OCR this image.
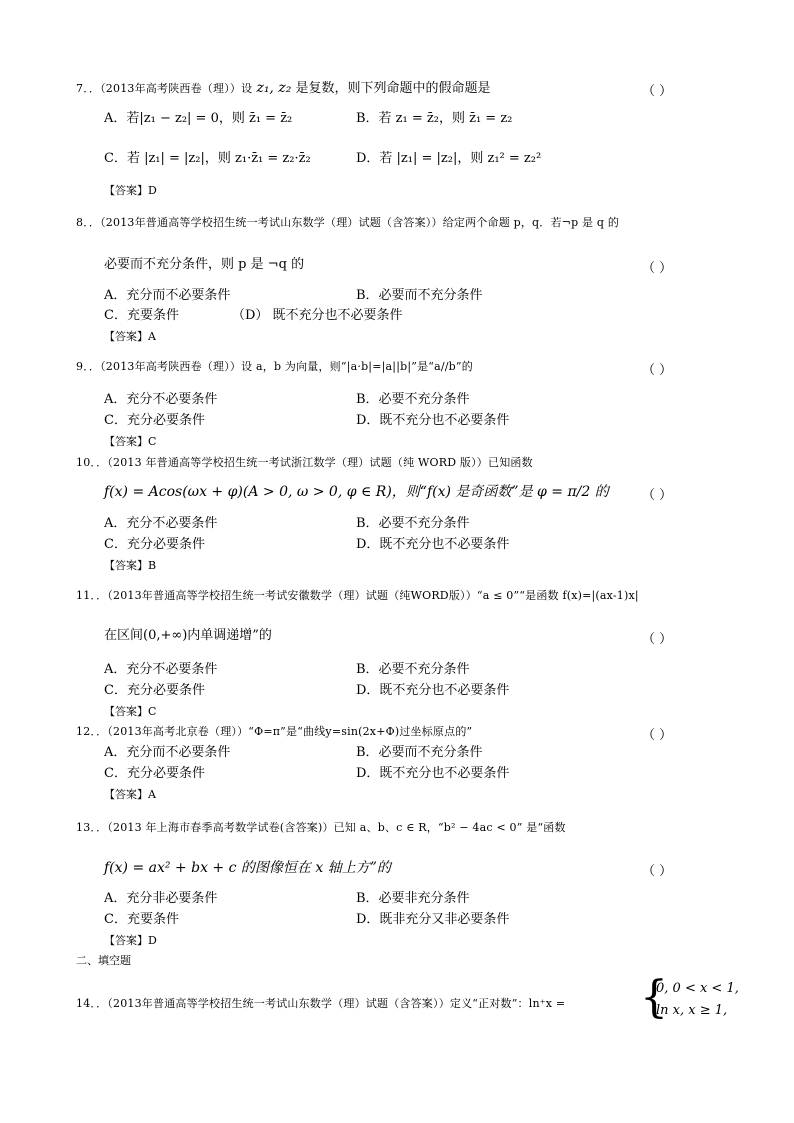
7．．（2013年高考陕西卷（理））设 z₁, z₂ 是复数，则下列命题中的假命题是	（ ）
A．若|z₁ − z₂| = 0，则 z̄₁ = z̄₂	B．若 z₁ = z̄₂，则 z̄₁ = z₂
C．若 |z₁| = |z₂|，则 z₁·z̄₁ = z₂·z̄₂	D．若 |z₁| = |z₂|，则 z₁² = z₂²
【答案】D
8．．（2013年普通高等学校招生统一考试山东数学（理）试题（含答案））给定两个命题 p，q．若¬p 是 q 的
必要而不充分条件，则 p 是 ¬q 的	（ ）
A．充分而不必要条件	B．必要而不充分条件
C．充要条件	（D） 既不充分也不必要条件
【答案】A
9．．（2013年高考陕西卷（理））设 a，b 为向量，则“|a·b|=|a||b|”是“a//b”的	（ ）
A．充分不必要条件	B．必要不充分条件
C．充分必要条件	D．既不充分也不必要条件
【答案】C
10．．（2013 年普通高等学校招生统一考试浙江数学（理）试题（纯 WORD 版））已知函数
f(x) = Acos(ωx + φ)(A > 0, ω > 0, φ ∈ R)，则“f(x) 是奇函数”是 φ = π/2 的	（ ）
A．充分不必要条件	B．必要不充分条件
C．充分必要条件	D．既不充分也不必要条件
【答案】B
11．．（2013年普通高等学校招生统一考试安徽数学（理）试题（纯WORD版））“a ≤ 0”“是函数 f(x)=|(ax-1)x|
在区间(0,+∞)内单调递增”的	（ ）
A．充分不必要条件	B．必要不充分条件
C．充分必要条件	D．既不充分也不必要条件
【答案】C
12．．（2013年高考北京卷（理））“Φ=π”是“曲线y=sin(2x+Φ)过坐标原点的”	（ ）
A．充分而不必要条件	B．必要而不充分条件
C．充分必要条件	D．既不充分也不必要条件
【答案】A
13．．（2013 年上海市春季高考数学试卷(含答案)）已知 a、b、c ∈ R，“b² − 4ac < 0” 是“函数
f(x) = ax² + bx + c 的图像恒在 x 轴上方”的	（ ）
A．充分非必要条件	B．必要非充分条件
C．充要条件	D．既非充分又非必要条件
【答案】D
二、填空题
14．．（2013年普通高等学校招生统一考试山东数学（理）试题（含答案））定义“正对数”：ln⁺x = {
0, 0 < x < 1,
ln x, x ≥ 1,
